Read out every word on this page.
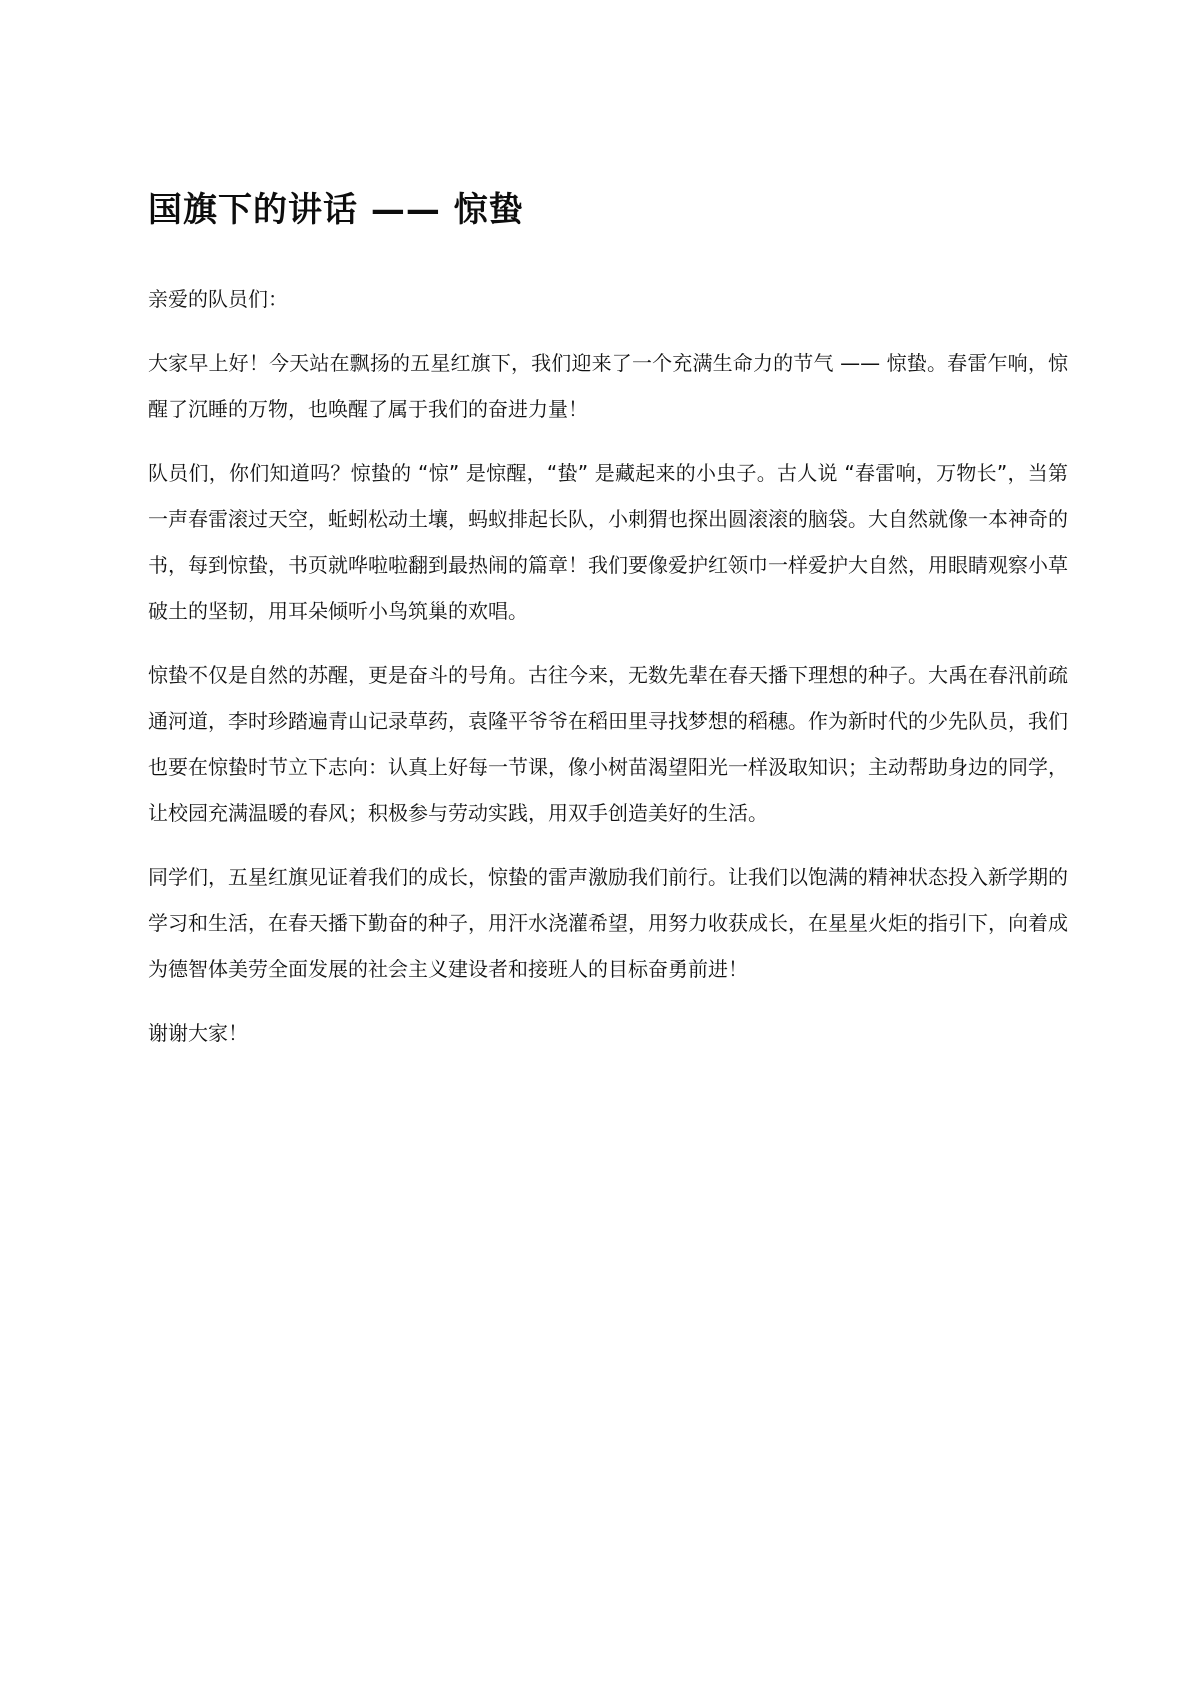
国旗下的讲话 —— 惊蛰

亲爱的队员们：

大家早上好！今天站在飘扬的五星红旗下，我们迎来了一个充满生命力的节气 —— 惊蛰。春雷乍响，惊醒了沉睡的万物，也唤醒了属于我们的奋进力量！

队员们，你们知道吗？惊蛰的 “惊” 是惊醒，“蛰” 是藏起来的小虫子。古人说 “春雷响，万物长”，当第一声春雷滚过天空，蚯蚓松动土壤，蚂蚁排起长队，小刺猬也探出圆滚滚的脑袋。大自然就像一本神奇的书，每到惊蛰，书页就哗啦啦翻到最热闹的篇章！我们要像爱护红领巾一样爱护大自然，用眼睛观察小草破土的坚韧，用耳朵倾听小鸟筑巢的欢唱。

惊蛰不仅是自然的苏醒，更是奋斗的号角。古往今来，无数先辈在春天播下理想的种子。大禹在春汛前疏通河道，李时珍踏遍青山记录草药，袁隆平爷爷在稻田里寻找梦想的稻穗。作为新时代的少先队员，我们也要在惊蛰时节立下志向：认真上好每一节课，像小树苗渴望阳光一样汲取知识；主动帮助身边的同学，让校园充满温暖的春风；积极参与劳动实践，用双手创造美好的生活。

同学们，五星红旗见证着我们的成长，惊蛰的雷声激励我们前行。让我们以饱满的精神状态投入新学期的学习和生活，在春天播下勤奋的种子，用汗水浇灌希望，用努力收获成长，在星星火炬的指引下，向着成为德智体美劳全面发展的社会主义建设者和接班人的目标奋勇前进！

谢谢大家！
